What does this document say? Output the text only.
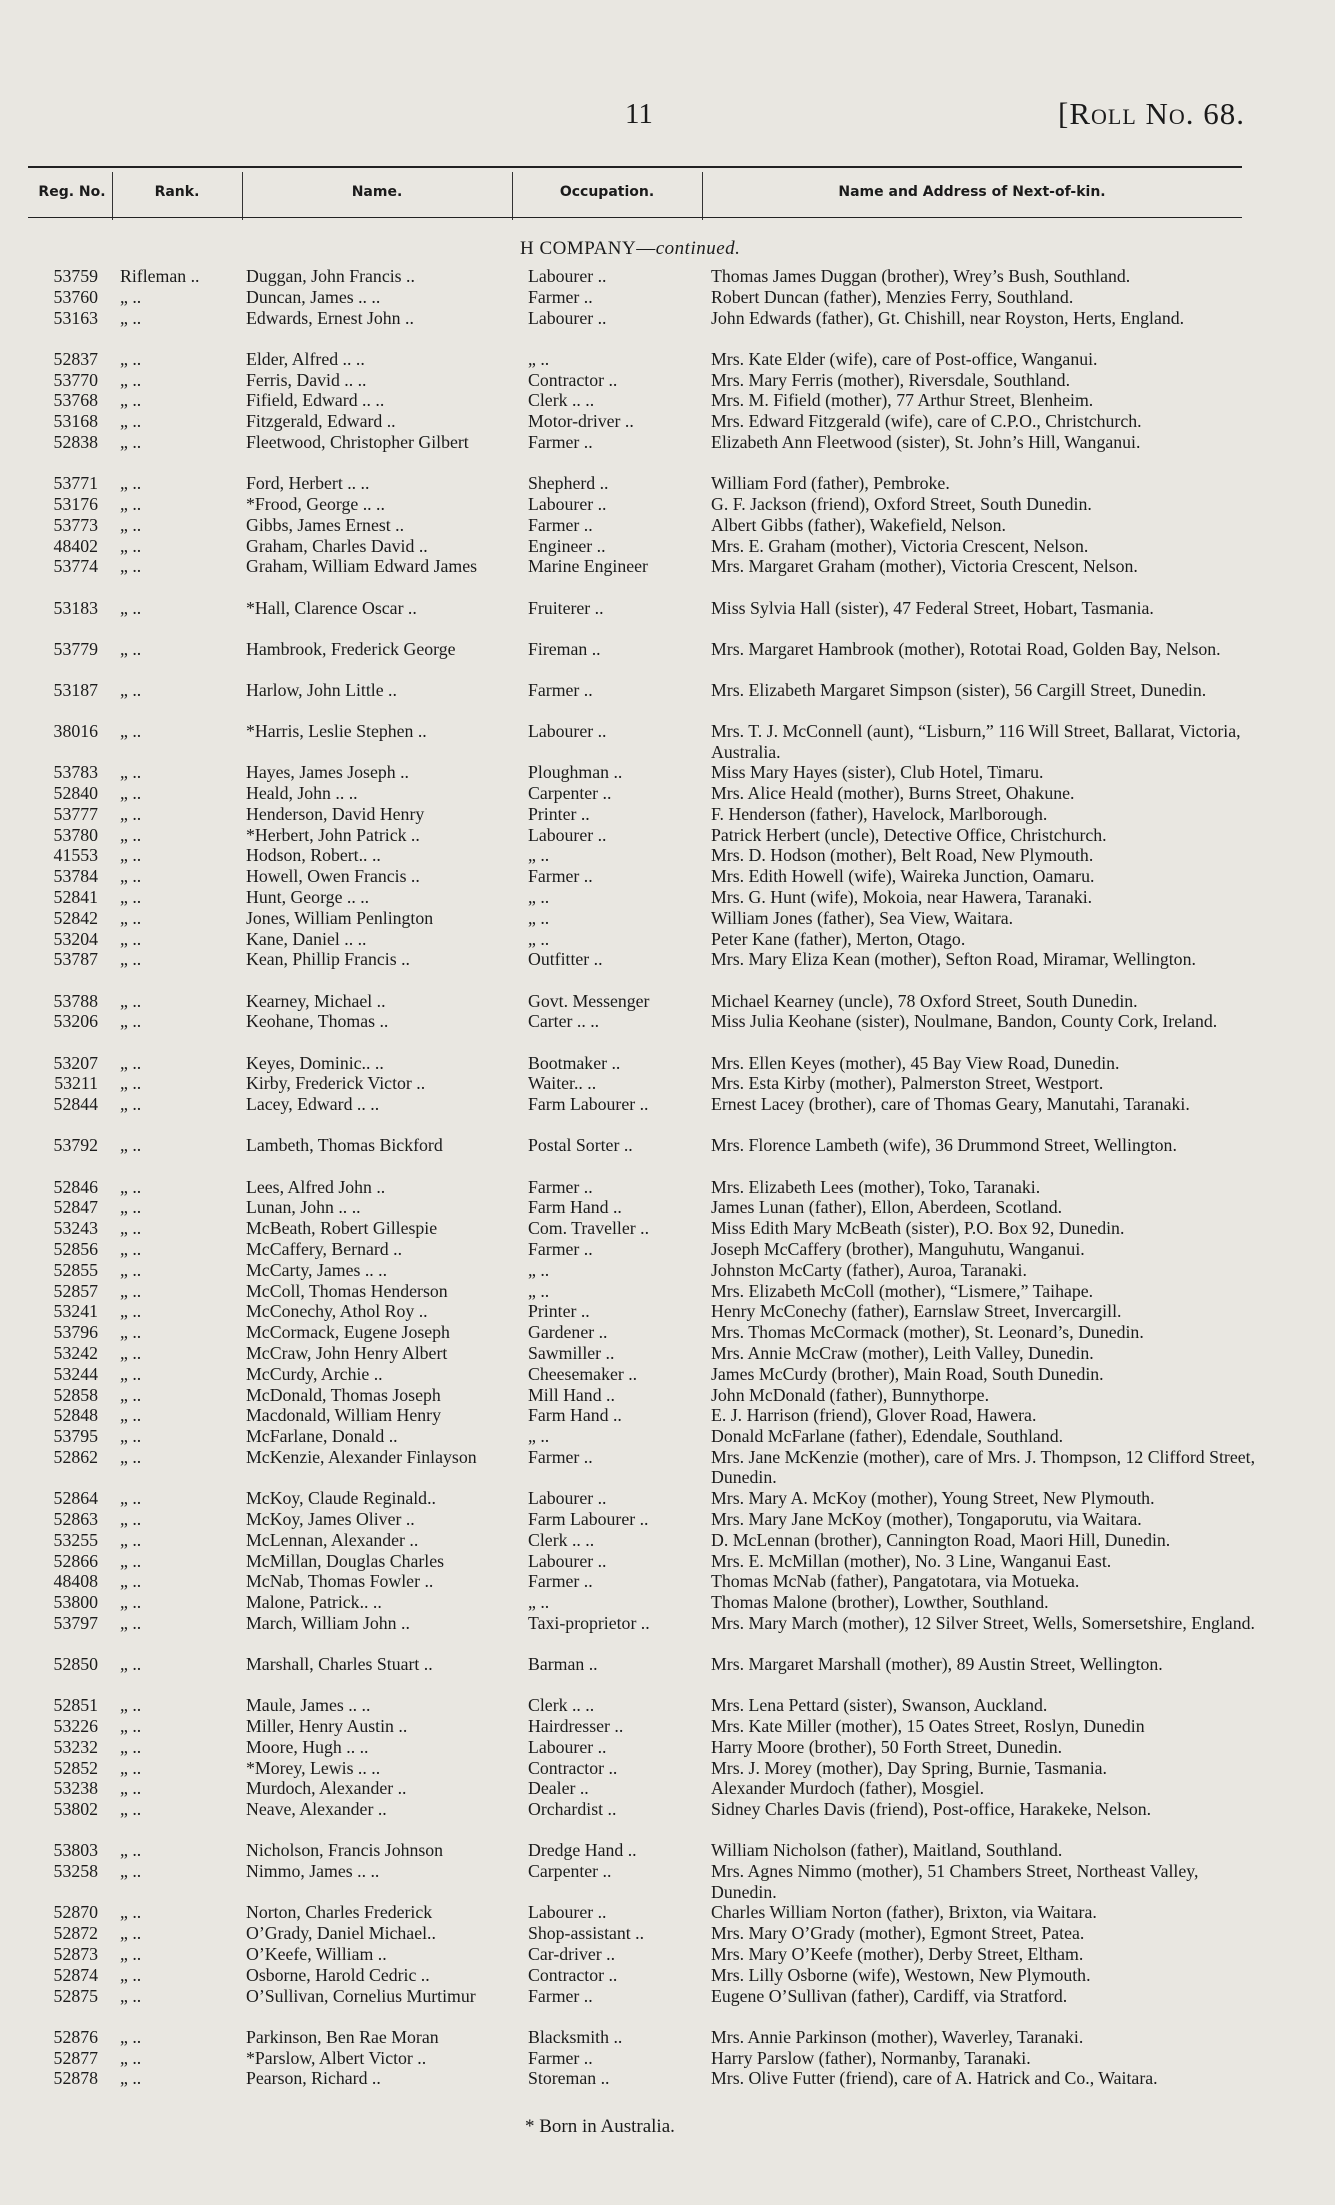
11	[Roll No. 68.
Reg. No.	Rank.	Name.	Occupation.	Name and Address of Next-of-kin.
H COMPANY—continued.
53759 Rifleman ..	Duggan, John Francis ..	Labourer ..	Thomas James Duggan (brother), Wrey’s Bush, Southland.
53760 „ ..	Duncan, James .. ..	Farmer ..	Robert Duncan (father), Menzies Ferry, Southland.
53163 „ ..	Edwards, Ernest John ..	Labourer ..	John Edwards (father), Gt. Chishill, near Royston, Herts, England.
52837 „ ..	Elder, Alfred .. ..	„ ..	Mrs. Kate Elder (wife), care of Post-office, Wanganui.
53770 „ ..	Ferris, David .. ..	Contractor ..	Mrs. Mary Ferris (mother), Riversdale, Southland.
53768 „ ..	Fifield, Edward .. ..	Clerk .. ..	Mrs. M. Fifield (mother), 77 Arthur Street, Blenheim.
53168 „ ..	Fitzgerald, Edward ..	Motor-driver ..	Mrs. Edward Fitzgerald (wife), care of C.P.O., Christchurch.
52838 „ ..	Fleetwood, Christopher Gilbert	Farmer ..	Elizabeth Ann Fleetwood (sister), St. John’s Hill, Wanganui.
53771 „ ..	Ford, Herbert .. ..	Shepherd ..	William Ford (father), Pembroke.
53176 „ ..	*Frood, George .. ..	Labourer ..	G. F. Jackson (friend), Oxford Street, South Dunedin.
53773 „ ..	Gibbs, James Ernest ..	Farmer ..	Albert Gibbs (father), Wakefield, Nelson.
48402 „ ..	Graham, Charles David ..	Engineer ..	Mrs. E. Graham (mother), Victoria Crescent, Nelson.
53774 „ ..	Graham, William Edward James	Marine Engineer	Mrs. Margaret Graham (mother), Victoria Crescent, Nelson.
53183 „ ..	*Hall, Clarence Oscar ..	Fruiterer ..	Miss Sylvia Hall (sister), 47 Federal Street, Hobart, Tasmania.
53779 „ ..	Hambrook, Frederick George	Fireman ..	Mrs. Margaret Hambrook (mother), Rototai Road, Golden Bay, Nelson.
53187 „ ..	Harlow, John Little ..	Farmer ..	Mrs. Elizabeth Margaret Simpson (sister), 56 Cargill Street, Dunedin.
38016 „ ..	*Harris, Leslie Stephen ..	Labourer ..	Mrs. T. J. McConnell (aunt), “Lisburn,” 116 Will Street, Ballarat, Victoria, Australia.
53783 „ ..	Hayes, James Joseph ..	Ploughman ..	Miss Mary Hayes (sister), Club Hotel, Timaru.
52840 „ ..	Heald, John .. ..	Carpenter ..	Mrs. Alice Heald (mother), Burns Street, Ohakune.
53777 „ ..	Henderson, David Henry	Printer ..	F. Henderson (father), Havelock, Marlborough.
53780 „ ..	*Herbert, John Patrick ..	Labourer ..	Patrick Herbert (uncle), Detective Office, Christchurch.
41553 „ ..	Hodson, Robert.. ..	„ ..	Mrs. D. Hodson (mother), Belt Road, New Plymouth.
53784 „ ..	Howell, Owen Francis ..	Farmer ..	Mrs. Edith Howell (wife), Waireka Junction, Oamaru.
52841 „ ..	Hunt, George .. ..	„ ..	Mrs. G. Hunt (wife), Mokoia, near Hawera, Taranaki.
52842 „ ..	Jones, William Penlington	„ ..	William Jones (father), Sea View, Waitara.
53204 „ ..	Kane, Daniel .. ..	„ ..	Peter Kane (father), Merton, Otago.
53787 „ ..	Kean, Phillip Francis ..	Outfitter ..	Mrs. Mary Eliza Kean (mother), Sefton Road, Miramar, Wellington.
53788 „ ..	Kearney, Michael ..	Govt. Messenger	Michael Kearney (uncle), 78 Oxford Street, South Dunedin.
53206 „ ..	Keohane, Thomas ..	Carter .. ..	Miss Julia Keohane (sister), Noulmane, Bandon, County Cork, Ireland.
53207 „ ..	Keyes, Dominic.. ..	Bootmaker ..	Mrs. Ellen Keyes (mother), 45 Bay View Road, Dunedin.
53211 „ ..	Kirby, Frederick Victor ..	Waiter.. ..	Mrs. Esta Kirby (mother), Palmerston Street, Westport.
52844 „ ..	Lacey, Edward .. ..	Farm Labourer ..	Ernest Lacey (brother), care of Thomas Geary, Manutahi, Taranaki.
53792 „ ..	Lambeth, Thomas Bickford	Postal Sorter ..	Mrs. Florence Lambeth (wife), 36 Drummond Street, Wellington.
52846 „ ..	Lees, Alfred John ..	Farmer ..	Mrs. Elizabeth Lees (mother), Toko, Taranaki.
52847 „ ..	Lunan, John .. ..	Farm Hand ..	James Lunan (father), Ellon, Aberdeen, Scotland.
53243 „ ..	McBeath, Robert Gillespie	Com. Traveller ..	Miss Edith Mary McBeath (sister), P.O. Box 92, Dunedin.
52856 „ ..	McCaffery, Bernard ..	Farmer ..	Joseph McCaffery (brother), Manguhutu, Wanganui.
52855 „ ..	McCarty, James .. ..	„ ..	Johnston McCarty (father), Auroa, Taranaki.
52857 „ ..	McColl, Thomas Henderson	„ ..	Mrs. Elizabeth McColl (mother), “Lismere,” Taihape.
53241 „ ..	McConechy, Athol Roy ..	Printer ..	Henry McConechy (father), Earnslaw Street, Invercargill.
53796 „ ..	McCormack, Eugene Joseph	Gardener ..	Mrs. Thomas McCormack (mother), St. Leonard’s, Dunedin.
53242 „ ..	McCraw, John Henry Albert	Sawmiller ..	Mrs. Annie McCraw (mother), Leith Valley, Dunedin.
53244 „ ..	McCurdy, Archie ..	Cheesemaker ..	James McCurdy (brother), Main Road, South Dunedin.
52858 „ ..	McDonald, Thomas Joseph	Mill Hand ..	John McDonald (father), Bunnythorpe.
52848 „ ..	Macdonald, William Henry	Farm Hand ..	E. J. Harrison (friend), Glover Road, Hawera.
53795 „ ..	McFarlane, Donald ..	„ ..	Donald McFarlane (father), Edendale, Southland.
52862 „ ..	McKenzie, Alexander Finlayson	Farmer ..	Mrs. Jane McKenzie (mother), care of Mrs. J. Thompson, 12 Clifford Street, Dunedin.
52864 „ ..	McKoy, Claude Reginald..	Labourer ..	Mrs. Mary A. McKoy (mother), Young Street, New Plymouth.
52863 „ ..	McKoy, James Oliver ..	Farm Labourer ..	Mrs. Mary Jane McKoy (mother), Tongaporutu, via Waitara.
53255 „ ..	McLennan, Alexander ..	Clerk .. ..	D. McLennan (brother), Cannington Road, Maori Hill, Dunedin.
52866 „ ..	McMillan, Douglas Charles	Labourer ..	Mrs. E. McMillan (mother), No. 3 Line, Wanganui East.
48408 „ ..	McNab, Thomas Fowler ..	Farmer ..	Thomas McNab (father), Pangatotara, via Motueka.
53800 „ ..	Malone, Patrick.. ..	„ ..	Thomas Malone (brother), Lowther, Southland.
53797 „ ..	March, William John ..	Taxi-proprietor ..	Mrs. Mary March (mother), 12 Silver Street, Wells, Somersetshire, England.
52850 „ ..	Marshall, Charles Stuart ..	Barman ..	Mrs. Margaret Marshall (mother), 89 Austin Street, Wellington.
52851 „ ..	Maule, James .. ..	Clerk .. ..	Mrs. Lena Pettard (sister), Swanson, Auckland.
53226 „ ..	Miller, Henry Austin ..	Hairdresser ..	Mrs. Kate Miller (mother), 15 Oates Street, Roslyn, Dunedin
53232 „ ..	Moore, Hugh .. ..	Labourer ..	Harry Moore (brother), 50 Forth Street, Dunedin.
52852 „ ..	*Morey, Lewis .. ..	Contractor ..	Mrs. J. Morey (mother), Day Spring, Burnie, Tasmania.
53238 „ ..	Murdoch, Alexander ..	Dealer ..	Alexander Murdoch (father), Mosgiel.
53802 „ ..	Neave, Alexander ..	Orchardist ..	Sidney Charles Davis (friend), Post-office, Harakeke, Nelson.
53803 „ ..	Nicholson, Francis Johnson	Dredge Hand ..	William Nicholson (father), Maitland, Southland.
53258 „ ..	Nimmo, James .. ..	Carpenter ..	Mrs. Agnes Nimmo (mother), 51 Chambers Street, Northeast Valley, Dunedin.
52870 „ ..	Norton, Charles Frederick	Labourer ..	Charles William Norton (father), Brixton, via Waitara.
52872 „ ..	O’Grady, Daniel Michael..	Shop-assistant ..	Mrs. Mary O’Grady (mother), Egmont Street, Patea.
52873 „ ..	O’Keefe, William ..	Car-driver ..	Mrs. Mary O’Keefe (mother), Derby Street, Eltham.
52874 „ ..	Osborne, Harold Cedric ..	Contractor ..	Mrs. Lilly Osborne (wife), Westown, New Plymouth.
52875 „ ..	O’Sullivan, Cornelius Murtimur	Farmer ..	Eugene O’Sullivan (father), Cardiff, via Stratford.
52876 „ ..	Parkinson, Ben Rae Moran	Blacksmith ..	Mrs. Annie Parkinson (mother), Waverley, Taranaki.
52877 „ ..	*Parslow, Albert Victor ..	Farmer ..	Harry Parslow (father), Normanby, Taranaki.
52878 „ ..	Pearson, Richard ..	Storeman ..	Mrs. Olive Futter (friend), care of A. Hatrick and Co., Waitara.
* Born in Australia.
